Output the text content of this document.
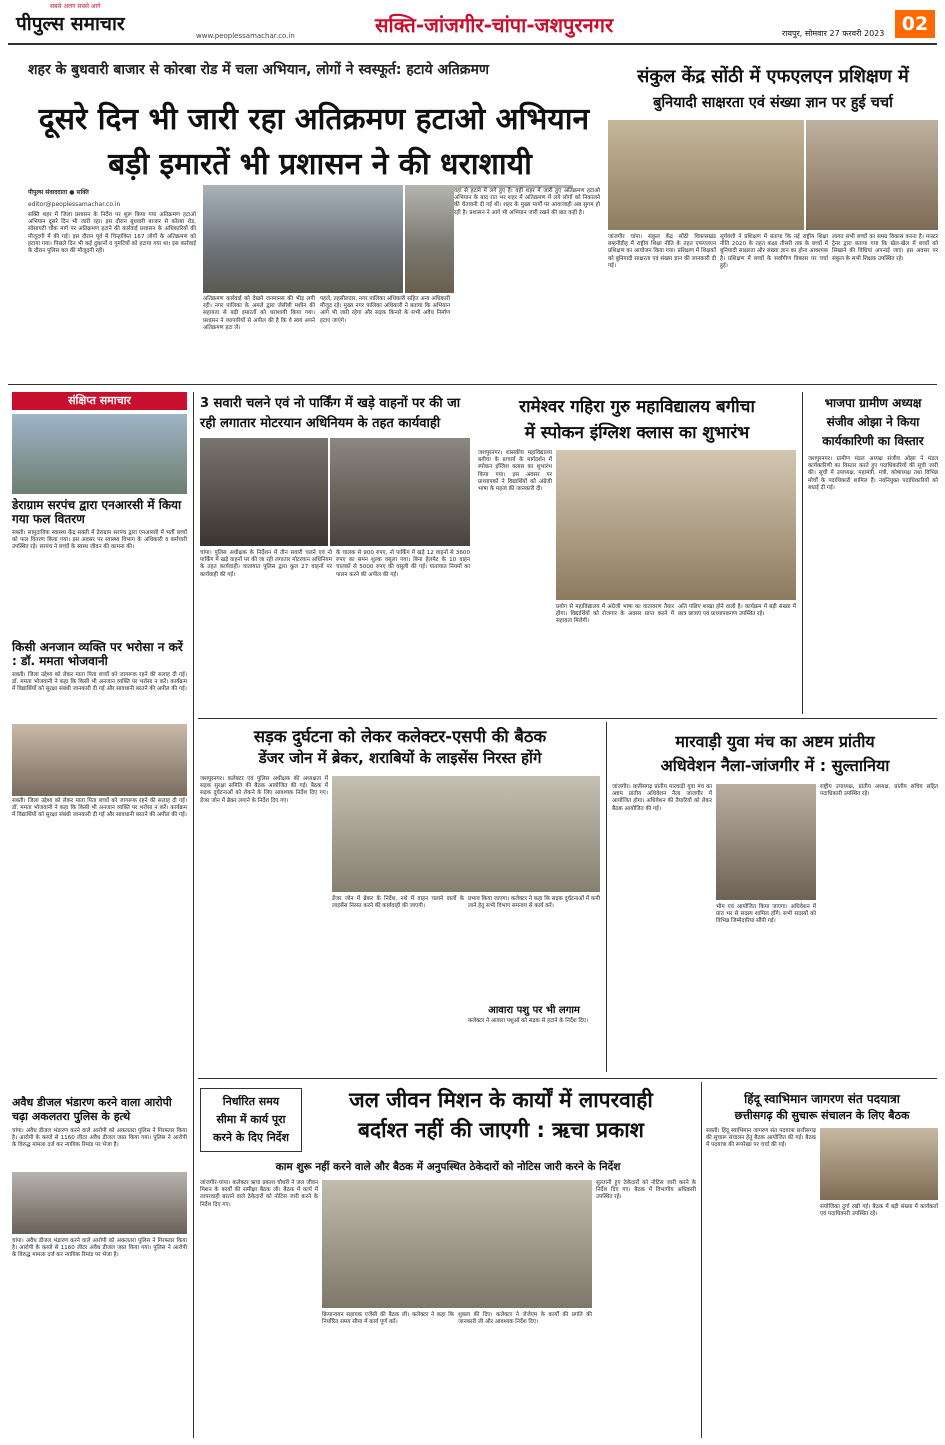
पीपुल्स समाचार
सबसे अलग सबसे आगे
www.peoplessamachar.co.in	सक्ति-जांजगीर-चांपा-जशपुरनगर	रायपुर, सोमवार 27 फरवरी 2023 02
शहर के बुधवारी बाजार से कोरबा रोड में चला अभियान, लोगों ने स्वस्फूर्त: हटाये अतिक्रमण
दूसरे दिन भी जारी रहा अतिक्रमण हटाओ अभियान
बड़ी इमारतें भी प्रशासन ने की धराशायी
पीपुल्स संवाददाता ● सक्ति
editor@peoplessamachar.co.in
सक्ति शहर में जिला प्रशासन के निर्देश पर शुरू किया गया अतिक्रमण हटाओ अभियान दूसरे दिन भी जारी रहा। इस दौरान बुधवारी बाजार से कोरबा रोड, सोसायटी चौक मार्ग पर अतिक्रमण हटाने की कार्रवाई प्रशासन के अधिकारियों की मौजूदगी में की गई। इस दौरान पूर्व में चिन्हांकित 167 लोगों के अतिक्रमण को हटाया गया। पिछले दिन भी कई दुकानों व गुमटियों को हटाया गया था। इस कार्रवाई के दौरान पुलिस बल की मौजूदगी रही।
अतिक्रमण कार्रवाई को देखने जनमानस की भीड़ लगी रही। नगर पालिका के अमले द्वारा जेसीबी मशीन की सहायता से बड़ी इमारतों को धराशायी किया गया। प्रशासन ने व्यापारियों से अपील की है कि वे स्वयं अपने अतिक्रमण हटा लें।
पहले, तहसीलदार, नगर पालिका अधिकारी सहित अन्य अधिकारी मौजूद रहे। मुख्य नगर पालिका अधिकारी ने बताया कि अभियान आगे भी जारी रहेगा और सड़क किनारे के सभी अवैध निर्माण हटाए जाएंगे।
वहां से हटाने में लगे हुए हैं। वहीं शहर में जारी हुए अतिक्रमण हटाओ अभियान के बाद रात भर शहर में अतिक्रमण में लगे लोगों को निकालने की चेतावनी दी गई थी। शहर के मुख्य मार्गों पर आवाजाही अब सुगम हो रही है। प्रशासन ने आगे भी अभियान जारी रखने की बात कही है।
संकुल केंद्र सोंठी में एफएलएन प्रशिक्षण में
बुनियादी साक्षरता एवं संख्या ज्ञान पर हुई चर्चा
जांजगीर चांपा। संकुल केंद्र सोंठी विकासखंड बम्हनीडीह में राष्ट्रीय शिक्षा नीति के तहत एफएलएन प्रशिक्षण का आयोजन किया गया। प्रशिक्षण में शिक्षकों को बुनियादी साक्षरता एवं संख्या ज्ञान की जानकारी दी गई।
सूर्यवंशी ने प्रशिक्षण में बताया कि नई राष्ट्रीय शिक्षा नीति 2020 के तहत कक्षा तीसरी तक के बच्चों में बुनियादी साक्षरता और संख्या ज्ञान का होना आवश्यक है। प्रशिक्षण में बच्चों के सर्वांगीण विकास पर चर्चा हुई।
लागत सभी बच्चों का समग्र विकास करना है। मास्टर ट्रेनर द्वारा बताया गया कि खेल-खेल में बच्चों को सिखाने की विधियां अपनाई जाएं। इस अवसर पर संकुल के सभी शिक्षक उपस्थित रहे।
संक्षिप्त समाचार
डेराग्राम सरपंच द्वारा एनआरसी में किया गया फल वितरण
सक्ती। सामुदायिक स्वास्थ्य केंद्र सक्ती में डेराग्राम सरपंच द्वारा एनआरसी में भर्ती बच्चों को फल वितरण किया गया। इस अवसर पर स्वास्थ्य विभाग के अधिकारी व कर्मचारी उपस्थित रहे। सरपंच ने बच्चों के स्वस्थ जीवन की कामना की।
किसी अनजान व्यक्ति पर भरोसा न करें : डॉ. ममता भोजवानी
सक्ती। जिला उद्देश्य को लेकर माता पिता बच्चों को जागरूक रहने की सलाह दी गई। डॉ. ममता भोजवानी ने कहा कि किसी भी अनजान व्यक्ति पर भरोसा न करें। कार्यक्रम में विद्यार्थियों को सुरक्षा संबंधी जानकारी दी गई और सावधानी बरतने की अपील की गई।
सक्ती। जिला उद्देश्य को लेकर माता पिता बच्चों को जागरूक रहने की सलाह दी गई। डॉ. ममता भोजवानी ने कहा कि किसी भी अनजान व्यक्ति पर भरोसा न करें। कार्यक्रम में विद्यार्थियों को सुरक्षा संबंधी जानकारी दी गई और सावधानी बरतने की अपील की गई।
अवैध डीजल भंडारण करने वाला आरोपी चढ़ा अकलतरा पुलिस के हत्थे
चांपा। अवैध डीजल भंडारण करने वाले आरोपी को अकलतरा पुलिस ने गिरफ्तार किया है। आरोपी के कब्जे से 1160 लीटर अवैध डीजल जब्त किया गया। पुलिस ने आरोपी के विरुद्ध मामला दर्ज कर न्यायिक रिमांड पर भेजा है।
चांपा। अवैध डीजल भंडारण करने वाले आरोपी को अकलतरा पुलिस ने गिरफ्तार किया है। आरोपी के कब्जे से 1160 लीटर अवैध डीजल जब्त किया गया। पुलिस ने आरोपी के विरुद्ध मामला दर्ज कर न्यायिक रिमांड पर भेजा है।
3 सवारी चलने एवं नो पार्किंग में खड़े वाहनों पर की जा
रही लगातार मोटरयान अधिनियम के तहत कार्यवाही
चांपा। पुलिस अधीक्षक के निर्देशन में तीन सवारी चलने एवं नो पार्किंग में खड़े वाहनों पर की जा रही लगातार मोटरयान अधिनियम के तहत कार्यवाही। यातायात पुलिस द्वारा कुल 27 वाहनों पर कार्यवाही की गई।
के चालक से 900 रुपए, नो पार्किंग में खड़े 12 वाहनों से 3600 रुपए का समन शुल्क वसूला गया। बिना हेलमेट के 10 वाहन चालकों से 5000 रुपए की वसूली की गई। यातायात नियमों का पालन करने की अपील की गई।
रामेश्वर गहिरा गुरु महाविद्यालय बगीचा
में स्पोकन इंग्लिश क्लास का शुभारंभ
जशपुरनगर। शासकीय महाविद्यालय बगीचा के प्राचार्य के मार्गदर्शन में स्पोकन इंग्लिश क्लास का शुभारंभ किया गया। इस अवसर पर प्राध्यापकों ने विद्यार्थियों को अंग्रेजी भाषा के महत्व की जानकारी दी।
प्रयोग से महाविद्यालय में अंग्रेजी भाषा का वातावरण तैयार होगा। विद्यार्थियों को रोजगार के अवसर प्राप्त करने में सहायता मिलेगी।
अति पछिए शाखा होने वाली है। कार्यक्रम में बड़ी संख्या में छात्र छात्राएं एवं प्राध्यापकगण उपस्थित रहे।
भाजपा ग्रामीण अध्यक्ष
संजीव ओझा ने किया
कार्यकारिणी का विस्तार
जशपुरनगर। ग्रामीण मंडल अध्यक्ष संजीव ओझा ने मंडल कार्यकारिणी का विस्तार करते हुए पदाधिकारियों की सूची जारी की। सूची में उपाध्यक्ष, महामंत्री, मंत्री, कोषाध्यक्ष तथा विभिन्न मोर्चों के पदाधिकारी शामिल हैं। नवनियुक्त पदाधिकारियों को बधाई दी गई।
सड़क दुर्घटना को लेकर कलेक्टर-एसपी की बैठक
डेंजर जोन में ब्रेकर, शराबियों के लाइसेंस निरस्त होंगे
जशपुरनगर। कलेक्टर एवं पुलिस अधीक्षक की अध्यक्षता में सड़क सुरक्षा समिति की बैठक आयोजित की गई। बैठक में सड़क दुर्घटनाओं को रोकने के लिए आवश्यक निर्देश दिए गए। डेंजर जोन में ब्रेकर लगाने के निर्देश दिए गए।
डेंजर जोन में ब्रेकर के निर्देश, नशे में वाहन चलाने वालों के लाइसेंस निरस्त करने की कार्यवाही की जाएगी।
प्रभाव किया जाएगा। कलेक्टर ने कहा कि सड़क दुर्घटनाओं में कमी लाने हेतु सभी विभाग समन्वय से कार्य करें।
आवारा पशु पर भी लगाम
कलेक्टर ने आवारा पशुओं को सड़क से हटाने के निर्देश दिए।
मारवाड़ी युवा मंच का अष्टम प्रांतीय
अधिवेशन नैला-जांजगीर में : सुल्तानिया
जांजगीर। छत्तीसगढ़ प्रांतीय मारवाड़ी युवा मंच का अष्टम प्रांतीय अधिवेशन नैला जांजगीर में आयोजित होगा। अधिवेशन की तैयारियों को लेकर बैठक आयोजित की गई।
भीम एवं आयोजित किया जाएगा। अधिवेशन में प्रांत भर से सदस्य शामिल होंगे। सभी सदस्यों को विभिन्न जिम्मेदारियां सौंपी गई।
राष्ट्रीय उपाध्यक्ष, प्रांतीय अध्यक्ष, प्रांतीय सचिव सहित पदाधिकारी उपस्थित रहे।
निर्धारित समय
सीमा में कार्य पूरा
करने के दिए निर्देश
जल जीवन मिशन के कार्यों में लापरवाही
बर्दाश्त नहीं की जाएगी : ऋचा प्रकाश
काम शुरू नहीं करने वाले और बैठक में अनुपस्थित ठेकेदारों को नोटिस जारी करने के निर्देश
जांजगीर-चांपा। कलेक्टर ऋचा प्रकाश चौधरी ने जल जीवन मिशन के कार्यों की समीक्षा बैठक ली। बैठक में कार्य में लापरवाही बरतने वाले ठेकेदारों को नोटिस जारी करने के निर्देश दिए गए।
क्रियान्वयन सहायक एजेंसी की बैठक ली। कलेक्टर ने कहा कि निर्धारित समय सीमा में कार्य पूर्ण करें।
शुक्ला की दिए। कलेक्टर ने जेजेएम के कार्यों की प्रगति की जानकारी ली और आवश्यक निर्देश दिए।
सुल्तानी हुए ठेकेदारों को नोटिस जारी करने के निर्देश दिए गए। बैठक में विभागीय अधिकारी उपस्थित रहे।
हिंदू स्वाभिमान जागरण संत पदयात्रा
छत्तीसगढ़ की सुचारू संचालन के लिए बैठक
सक्ती। हिंदू स्वाभिमान जागरण संत पदयात्रा छत्तीसगढ़ की सुचारू संचालन हेतु बैठक आयोजित की गई। बैठक में पदयात्रा की रूपरेखा पर चर्चा की गई।
संयोजिका दुर्गा रखी गई। बैठक में बड़ी संख्या में कार्यकर्ता एवं पदाधिकारी उपस्थित रहे।
